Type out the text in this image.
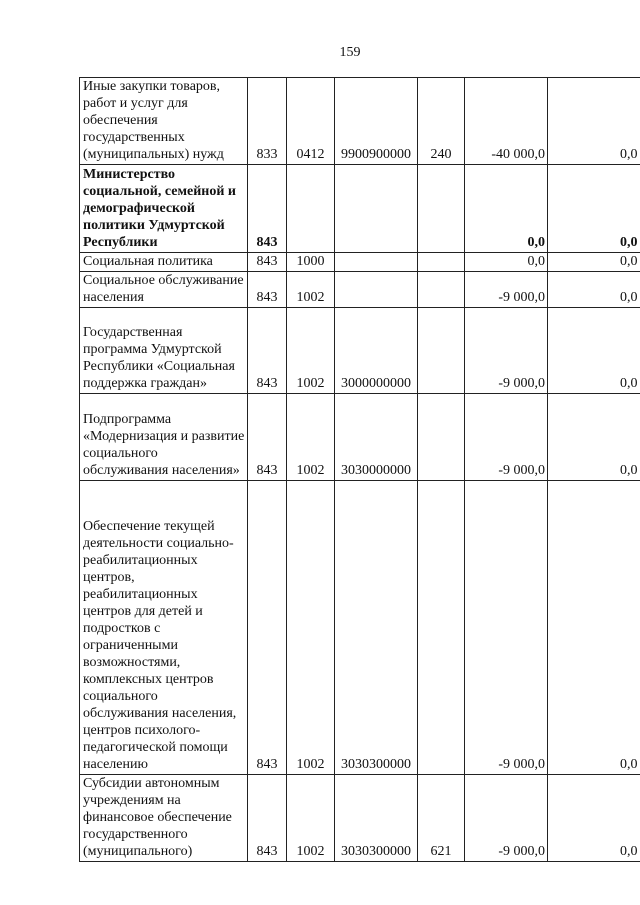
159
Иные закупки товаров, работ и услуг для обеспечения государственных (муниципальных) нужд	833	0412	9900900000	240	-40 000,0	0,0
Министерство социальной, семейной и демографической политики Удмуртской Республики	843				0,0	0,0
Социальная политика	843	1000			0,0	0,0
Социальное обслуживание населения	843	1002			-9 000,0	0,0
Государственная программа Удмуртской Республики «Социальная поддержка граждан»	843	1002	3000000000		-9 000,0	0,0
Подпрограмма «Модернизация и развитие социального обслуживания населения»	843	1002	3030000000		-9 000,0	0,0
Обеспечение текущей деятельности социально-реабилитационных центров, реабилитационных центров для детей и подростков с ограниченными возможностями, комплексных центров социального обслуживания населения, центров психолого-педагогической помощи населению	843	1002	3030300000		-9 000,0	0,0
Субсидии автономным учреждениям на финансовое обеспечение государственного (муниципального)	843	1002	3030300000	621	-9 000,0	0,0
